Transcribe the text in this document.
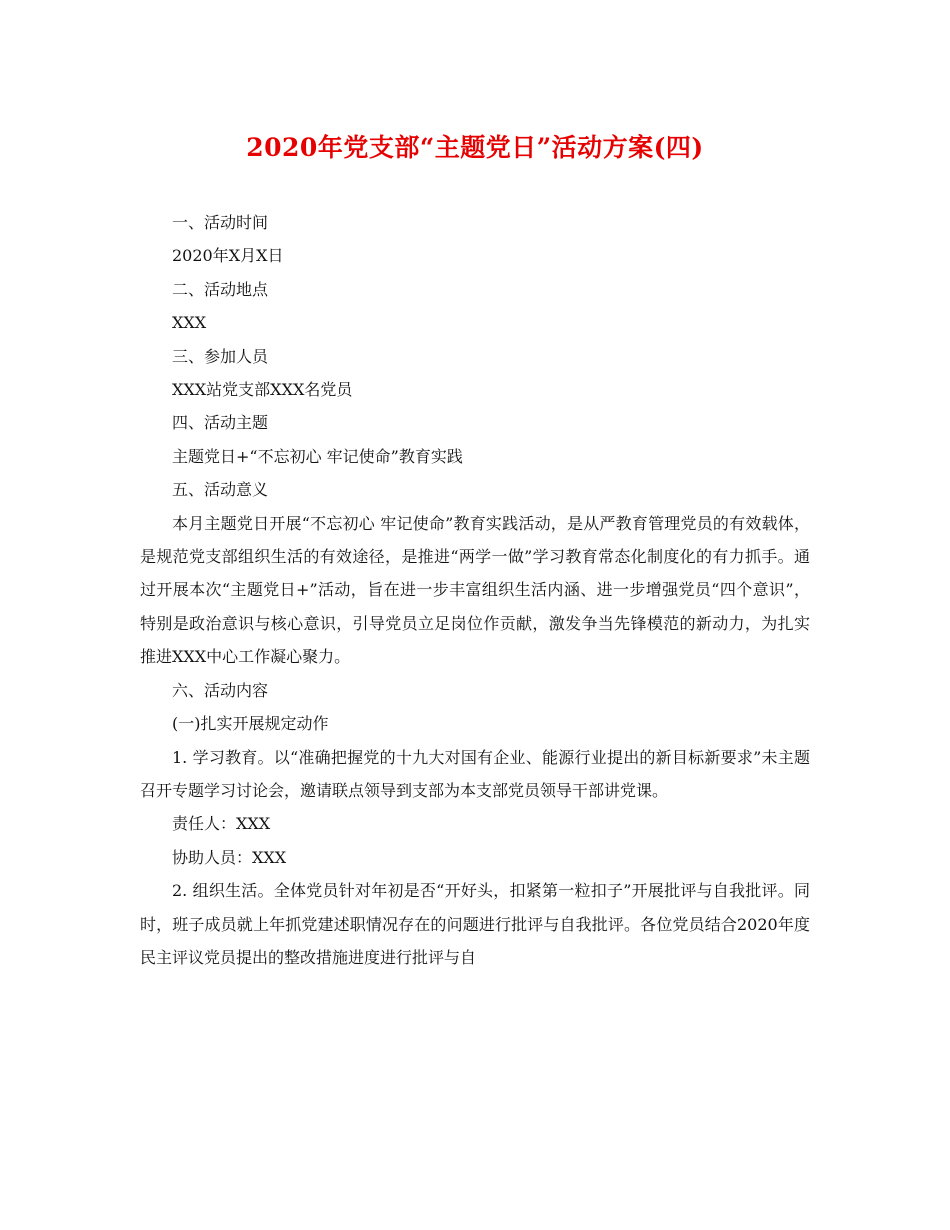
2020年党支部“主题党日”活动方案(四)

一、活动时间

2020年X月X日

二、活动地点

XXX

三、参加人员

XXX站党支部XXX名党员

四、活动主题

主题党日+“不忘初心 牢记使命”教育实践

五、活动意义

本月主题党日开展“不忘初心 牢记使命”教育实践活动，是从严教育管理党员的有效载体，是规范党支部组织生活的有效途径，是推进“两学一做”学习教育常态化制度化的有力抓手。通过开展本次“主题党日+”活动，旨在进一步丰富组织生活内涵、进一步增强党员“四个意识”，特别是政治意识与核心意识，引导党员立足岗位作贡献，激发争当先锋模范的新动力，为扎实推进XXX中心工作凝心聚力。

六、活动内容

(一)扎实开展规定动作

1. 学习教育。以“准确把握党的十九大对国有企业、能源行业提出的新目标新要求”未主题召开专题学习讨论会，邀请联点领导到支部为本支部党员领导干部讲党课。

责任人：XXX

协助人员：XXX

2. 组织生活。全体党员针对年初是否“开好头，扣紧第一粒扣子”开展批评与自我批评。同时，班子成员就上年抓党建述职情况存在的问题进行批评与自我批评。各位党员结合2020年度民主评议党员提出的整改措施进度进行批评与自
